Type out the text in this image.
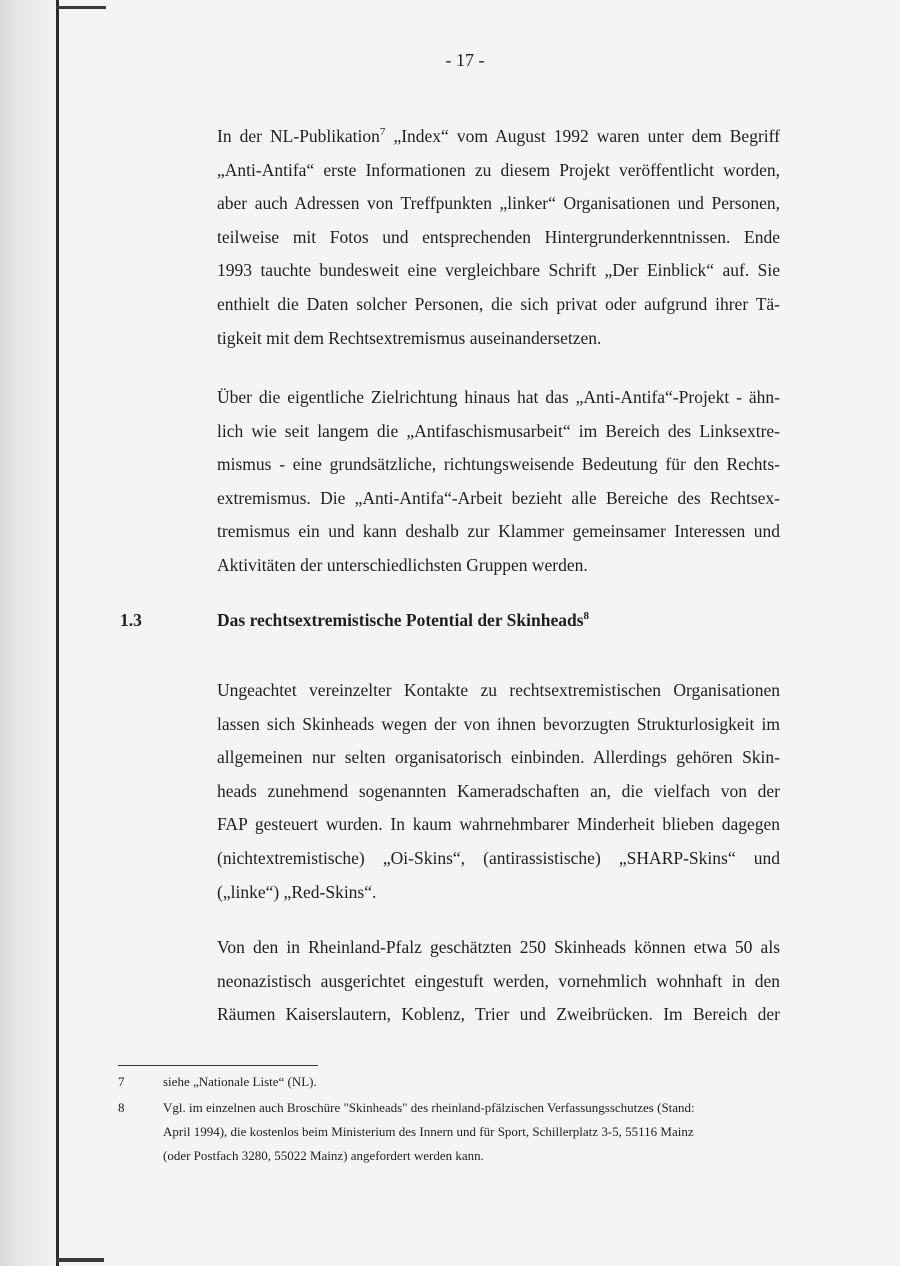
- 17 -
In der NL-Publikation$^7$ „Index“ vom August 1992 waren unter dem Begriff
„Anti-Antifa“ erste Informationen zu diesem Projekt veröffentlicht worden,
aber auch Adressen von Treffpunkten „linker“ Organisationen und Personen,
teilweise mit Fotos und entsprechenden Hintergrunderkenntnissen. Ende
1993 tauchte bundesweit eine vergleichbare Schrift „Der Einblick“ auf. Sie
enthielt die Daten solcher Personen, die sich privat oder aufgrund ihrer Tä-
tigkeit mit dem Rechtsextremismus auseinandersetzen.
Über die eigentliche Zielrichtung hinaus hat das „Anti-Antifa“-Projekt - ähn-
lich wie seit langem die „Antifaschismusarbeit“ im Bereich des Linksextre-
mismus - eine grundsätzliche, richtungsweisende Bedeutung für den Rechts-
extremismus. Die „Anti-Antifa“-Arbeit bezieht alle Bereiche des Rechtsex-
tremismus ein und kann deshalb zur Klammer gemeinsamer Interessen und
Aktivitäten der unterschiedlichsten Gruppen werden.
1.3	Das rechtsextremistische Potential der Skinheads$^8$
Ungeachtet vereinzelter Kontakte zu rechtsextremistischen Organisationen
lassen sich Skinheads wegen der von ihnen bevorzugten Strukturlosigkeit im
allgemeinen nur selten organisatorisch einbinden. Allerdings gehören Skin-
heads zunehmend sogenannten Kameradschaften an, die vielfach von der
FAP gesteuert wurden. In kaum wahrnehmbarer Minderheit blieben dagegen
(nichtextremistische) „Oi-Skins“, (antirassistische) „SHARP-Skins“ und
(„linke“) „Red-Skins“.
Von den in Rheinland-Pfalz geschätzten 250 Skinheads können etwa 50 als
neonazistisch ausgerichtet eingestuft werden, vornehmlich wohnhaft in den
Räumen Kaiserslautern, Koblenz, Trier und Zweibrücken. Im Bereich der
7	siehe „Nationale Liste“ (NL).
8	Vgl. im einzelnen auch Broschüre "Skinheads" des rheinland-pfälzischen Verfassungsschutzes (Stand:
April 1994), die kostenlos beim Ministerium des Innern und für Sport, Schillerplatz 3-5, 55116 Mainz
(oder Postfach 3280, 55022 Mainz) angefordert werden kann.
